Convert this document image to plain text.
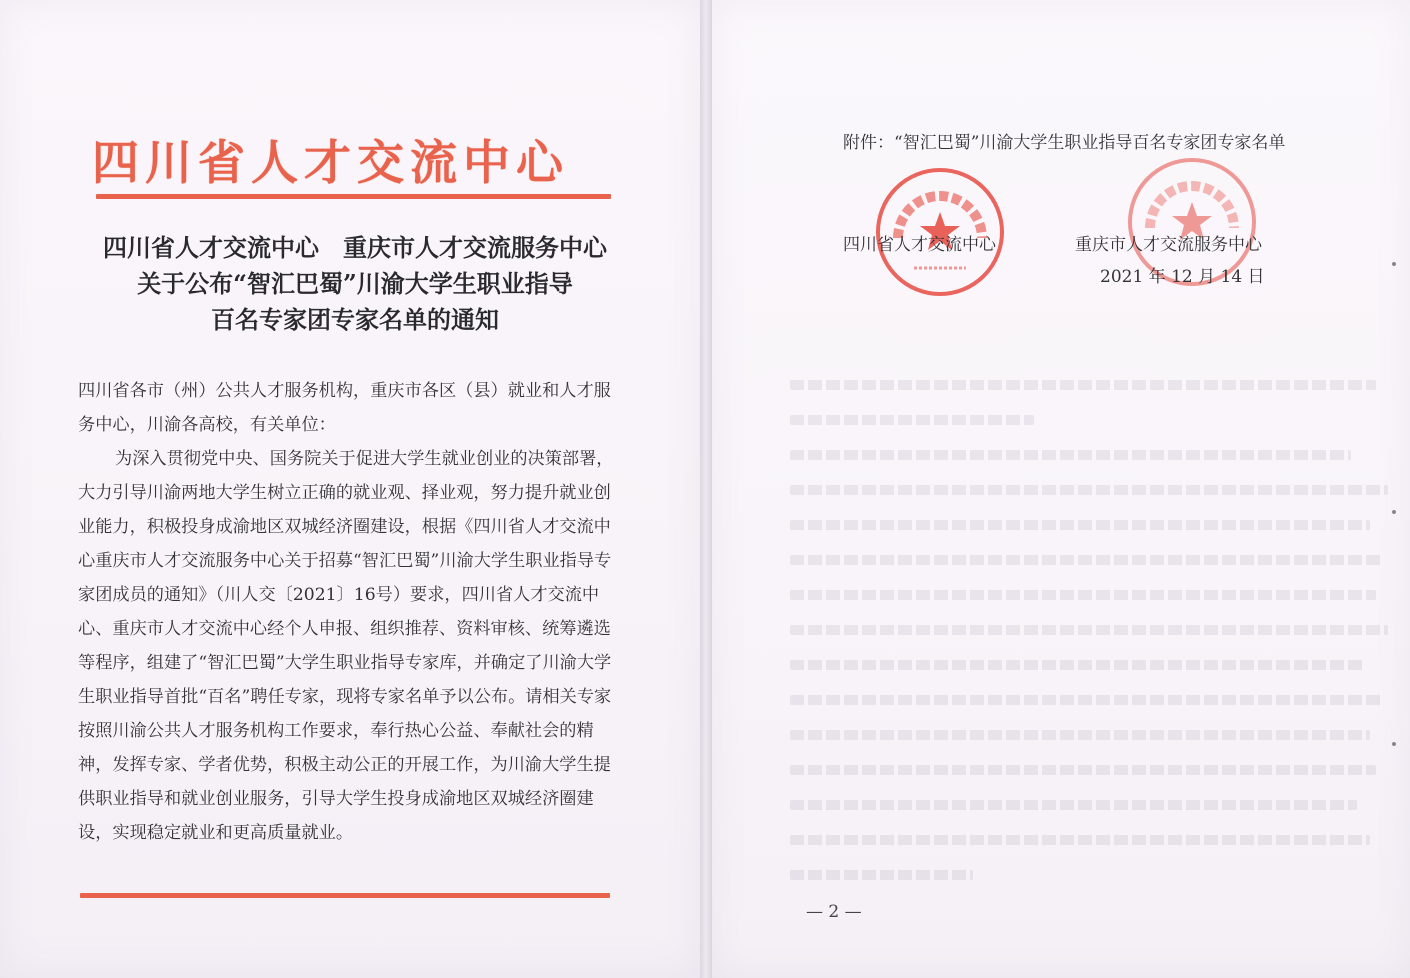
四川省人才交流中心
四川省人才交流中心　重庆市人才交流服务中心
关于公布“智汇巴蜀”川渝大学生职业指导
百名专家团专家名单的通知

四川省各市（州）公共人才服务机构，重庆市各区（县）就业和人才服务中心，川渝各高校，有关单位：

为深入贯彻党中央、国务院关于促进大学生就业创业的决策部署，大力引导川渝两地大学生树立正确的就业观、择业观，努力提升就业创业能力，积极投身成渝地区双城经济圈建设，根据《四川省人才交流中心重庆市人才交流服务中心关于招募“智汇巴蜀”川渝大学生职业指导专家团成员的通知》（川人交〔2021〕16号）要求，四川省人才交流中心、重庆市人才交流中心经个人申报、组织推荐、资料审核、统筹遴选等程序，组建了“智汇巴蜀”大学生职业指导专家库，并确定了川渝大学生职业指导首批“百名”聘任专家，现将专家名单予以公布。请相关专家按照川渝公共人才服务机构工作要求，奉行热心公益、奉献社会的精神，发挥专家、学者优势，积极主动公正的开展工作，为川渝大学生提供职业指导和就业创业服务，引导大学生投身成渝地区双城经济圈建设，实现稳定就业和更高质量就业。

附件：“智汇巴蜀”川渝大学生职业指导百名专家团专家名单
四川省人才交流中心	重庆市人才交流服务中心
2021 年 12 月 14 日
— 2 —
